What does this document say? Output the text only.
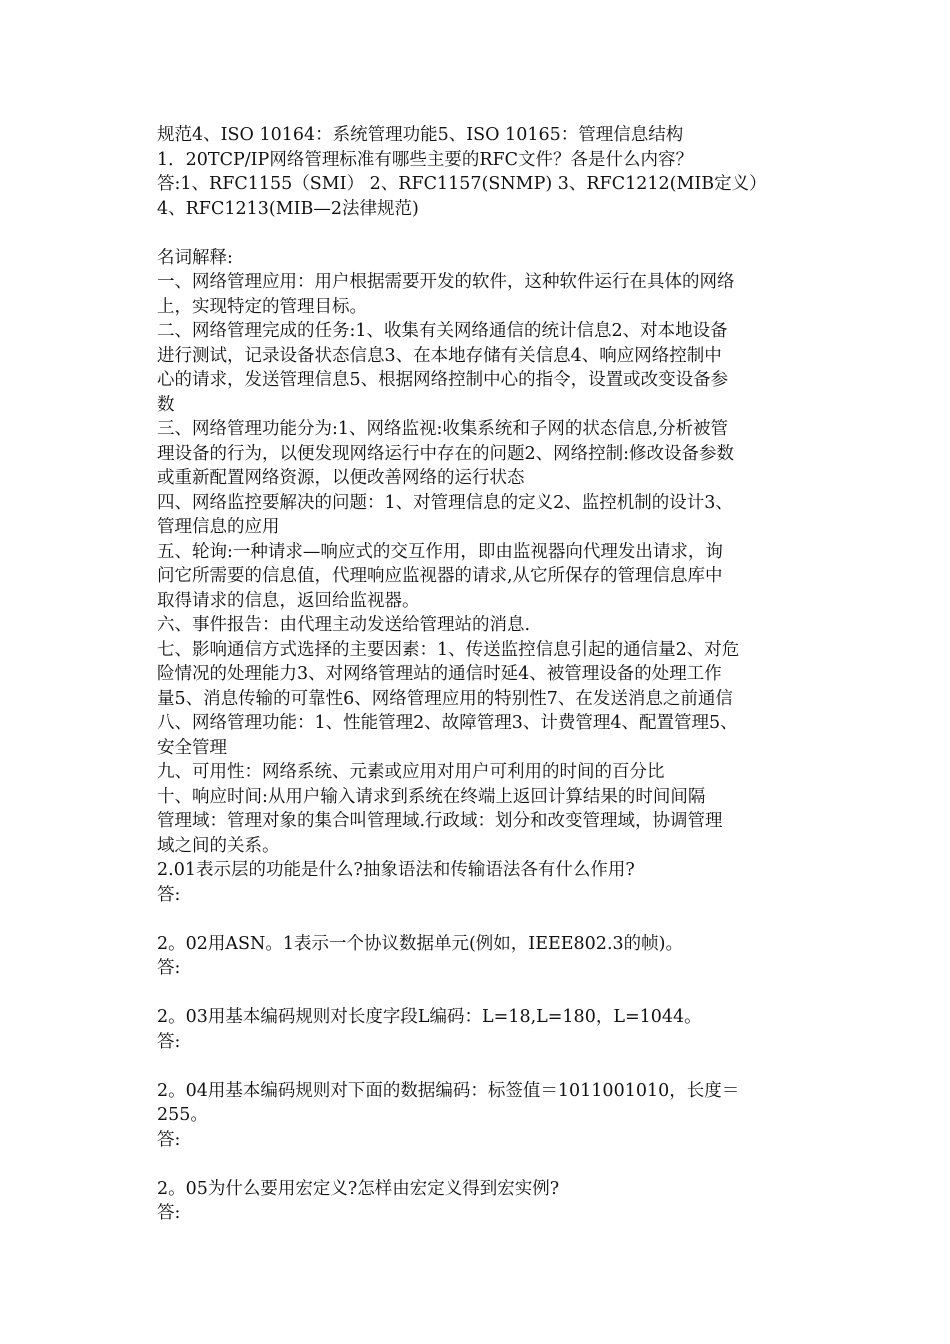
规范4、ISO 10164：系统管理功能5、ISO 10165：管理信息结构
1．20TCP/IP网络管理标准有哪些主要的RFC文件？各是什么内容？
答:1、RFC1155（SMI） 2、RFC1157(SNMP) 3、RFC1212(MIB定义）
4、RFC1213(MIB—2法律规范)
名词解释:
一、网络管理应用：用户根据需要开发的软件，这种软件运行在具体的网络
上，实现特定的管理目标。
二、网络管理完成的任务:1、收集有关网络通信的统计信息2、对本地设备
进行测试，记录设备状态信息3、在本地存储有关信息4、响应网络控制中
心的请求，发送管理信息5、根据网络控制中心的指令，设置或改变设备参
数
三、网络管理功能分为:1、网络监视:收集系统和子网的状态信息,分析被管
理设备的行为，以便发现网络运行中存在的问题2、网络控制:修改设备参数
或重新配置网络资源，以便改善网络的运行状态
四、网络监控要解决的问题：1、对管理信息的定义2、监控机制的设计3、
管理信息的应用
五、轮询:一种请求—响应式的交互作用，即由监视器向代理发出请求，询
问它所需要的信息值，代理响应监视器的请求,从它所保存的管理信息库中
取得请求的信息，返回给监视器。
六、事件报告：由代理主动发送给管理站的消息.
七、影响通信方式选择的主要因素：1、传送监控信息引起的通信量2、对危
险情况的处理能力3、对网络管理站的通信时延4、被管理设备的处理工作
量5、消息传输的可靠性6、网络管理应用的特别性7、在发送消息之前通信
八、网络管理功能：1、性能管理2、故障管理3、计费管理4、配置管理5、
安全管理
九、可用性：网络系统、元素或应用对用户可利用的时间的百分比
十、响应时间:从用户输入请求到系统在终端上返回计算结果的时间间隔
管理域：管理对象的集合叫管理域.行政域：划分和改变管理域，协调管理
域之间的关系。
2.01表示层的功能是什么?抽象语法和传输语法各有什么作用?
答:
2。02用ASN。1表示一个协议数据单元(例如，IEEE802.3的帧)。
答:
2。03用基本编码规则对长度字段L编码：L=18,L=180，L=1044。
答:
2。04用基本编码规则对下面的数据编码：标签值＝1011001010，长度＝
255。
答:
2。05为什么要用宏定义?怎样由宏定义得到宏实例?
答:
